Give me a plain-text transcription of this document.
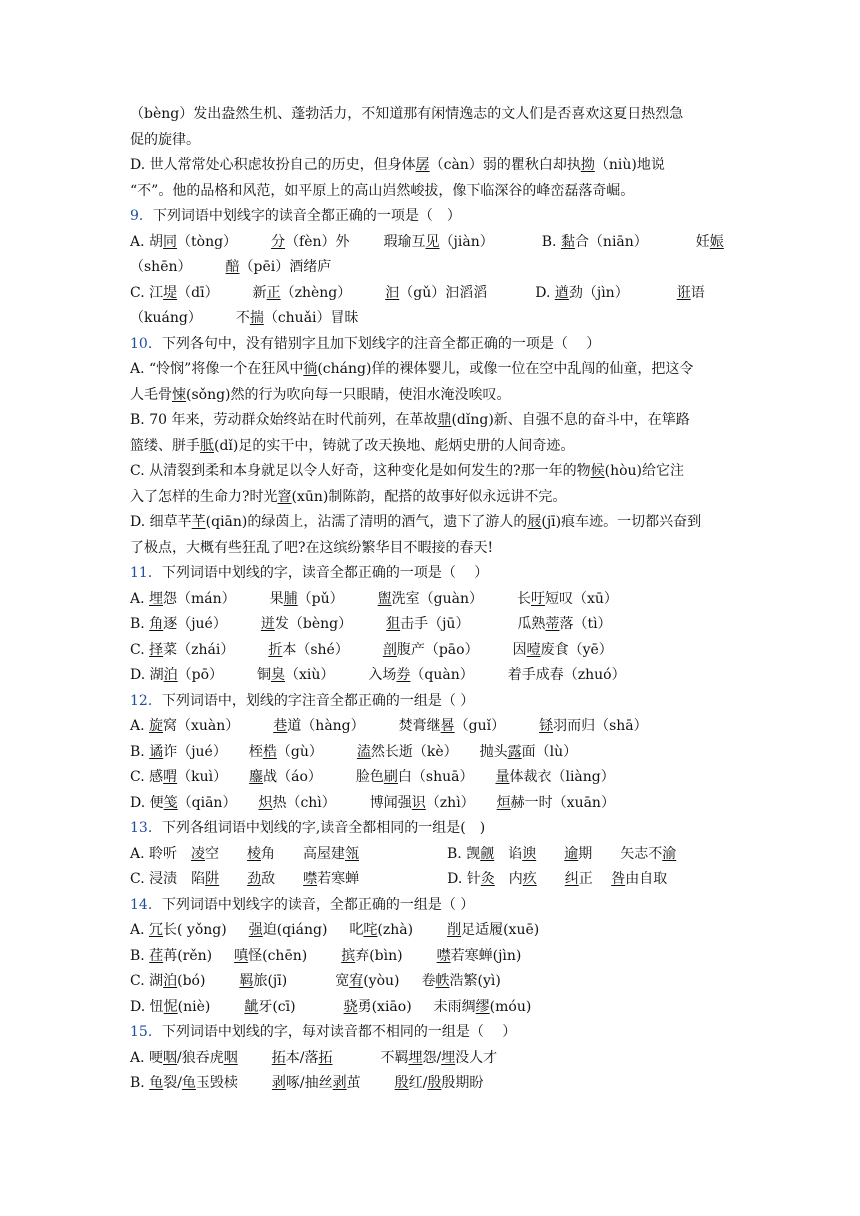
（bèng）发出盎然生机、蓬勃活力，不知道那有闲情逸志的文人们是否喜欢这夏日热烈急
促的旋律。
D. 世人常常处心积虑妆扮自己的历史，但身体孱（càn）弱的瞿秋白却执拗（niù)地说
“不”。他的品格和风范，如平原上的高山岿然峻拔，像下临深谷的峰峦磊落奇崛。
9．下列词语中划线字的读音全都正确的一项是（　）
A. 胡同（tòng） 分（fèn）外 瑕瑜互见（jiàn）	B. 黏合（niān）	妊娠
（shēn） 醅（pēi）酒绪庐
C. 江堤（dī） 新正（zhèng） 汩（gǔ）汩滔滔	D. 遒劲（jìn）	诳语
（kuáng） 不揣（chuǎi）冒昧
10．下列各句中，没有错别字且加下划线字的注音全都正确的一项是（　 ）
A. “怜悯”将像一个在狂风中徜(cháng)佯的裸体婴儿，或像一位在空中乱闯的仙童，把这令
人毛骨悚(sǒng)然的行为吹向每一只眼睛，使泪水淹没唉叹。
B. 70 年来，劳动群众始终站在时代前列，在革故鼎(dǐng)新、自强不息的奋斗中，在筚路
篮缕、胼手胝(dǐ)足的实干中，铸就了改天换地、彪炳史册的人间奇迹。
C. 从清裂到柔和本身就足以令人好奇，这种变化是如何发生的?那一年的物候(hòu)给它注
入了怎样的生命力?时光窨(xūn)制陈韵，配搭的故事好似永远讲不完。
D. 细草芊芊(qiān)的绿茵上，沾濡了清明的酒气，遗下了游人的屐(jī)痕车迹。一切都兴奋到
了极点，大概有些狂乱了吧?在这缤纷繁华目不暇接的春天!
11．下列词语中划线的字，读音全都正确的一项是（　 ）
A. 埋怨（mán） 果脯（pǔ） 盥洗室（guàn） 长吁短叹（xū）
B. 角逐（jué） 迸发（bèng） 狙击手（jū）	瓜熟蒂落（tì）
C. 择菜（zhái） 折本（shé） 剖腹产（pāo） 因噎废食（yē）
D. 湖泊（pō） 铜臭（xiù） 入场券（quàn） 着手成春（zhuó）
12．下列词语中，划线的字注音全都正确的一组是（ ）
A. 旋窝（xuàn） 巷道（hàng） 焚膏继晷（guǐ） 铩羽而归（shā）
B. 谲诈（jué） 桎梏（gù） 溘然长逝（kè） 抛头露面（lù）
C. 感喟（kuì） 鏖战（áo） 脸色刷白（shuā） 量体裁衣（liàng）
D. 便笺（qiān） 炽热（chì） 博闻强识（zhì） 烜赫一时（xuān）
13．下列各组词语中划线的字,读音全都相同的一组是(　)
A. 聆听　凌空　　棱角　　高屋建瓴	B. 觊觎　谄谀　　 逾期　　矢志不渝
C. 浸渍　陷阱　　 劲敌　　噤若寒蝉	D. 针灸　内疚　　 纠正　 咎由自取
14．下列词语中划线字的读音，全都正确的一组是（ ）
A. 冗长( yǒng) 强迫(qiáng) 叱咤(zhà) 削足适履(xuē)
B. 荏苒(rěn) 嗔怪(chēn) 摈弃(bìn) 噤若寒蝉(jìn)
C. 湖泊(bó) 羁旅(jī)	宽宥(yòu) 卷帙浩繁(yì)
D. 忸怩(niè) 龇牙(cī)	骁勇(xiāo) 未雨绸缪(móu)
15．下列词语中划线的字，每对读音都不相同的一组是（　 ）
A. 哽咽/狼吞虎咽 拓本/落拓	不羁埋怨/埋没人才
B. 龟裂/龟玉毁椟 剥啄/抽丝剥茧 殷红/殷殷期盼
